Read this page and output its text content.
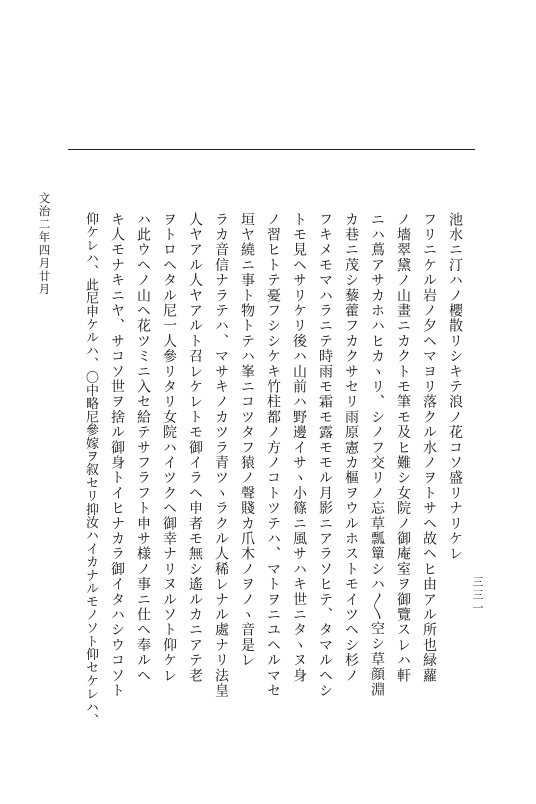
池水ニ汀ハノ櫻散リシキテ浪ノ花コソ盛リナリケレ
フリニケル岩ノ夕ヘマヨリ落クル水ノヲトサヘ故ヘヒ由アル所也緑蘿
ノ墻翠黛ノ山畫ニカクトモ筆モ及ヒ難シ女院ノ御庵室ヲ御覽スレハ軒
ニハ蔦アサカホハヒカヽリ、シノフ交リノ忘草瓢簞シハ〳〵空シ草顔淵
カ巷ニ茂シ藜藿フカクサセリ雨原憲カ樞ヲウルホストモイツヘシ杉ノ
フキメモマハラニテ時雨モ霜モ露モモル月影ニアラソヒテ、タマルヘシ
トモ見ヘサリケリ後ハ山前ハ野邊イサヽ小篠ニ風サハキ世ニタヽヌ身
ノ習ヒトテ憂フシシケキ竹柱都ノ方ノコトツテハ、マトヲニユヘルマセ
垣ヤ繞ニ事ト物トテハ峯ニコツタフ猿ノ聲賤カ爪木ノヲノヽ音是レ
ラカ音信ナラテハ、マサキノカツラ青ツヽラクル人稀レナル處ナリ法皇
人ヤアル人ヤアルト召レケレトモ御イラヘ申者モ無シ遙ルカニアテ老
ヲトロヘタル尼一人參リタリ女院ハイツクヘ御幸ナリヌルソト仰ケレ
ハ此ウヘノ山ヘ花ツミニ入セ給テサフラフト申サ様ノ事ニ仕ヘ奉ルヘ
キ人モナキニヤ、サコソ世ヲ捨ル御身トイヒナカラ御イタハシウコソト
仰ケレハ、此尼申ケルハ、〇中略尼參嫁ヲ叙セリ抑汝ハイカナルモノソト仰セケレハ、
文治二年四月廿月
三三一
